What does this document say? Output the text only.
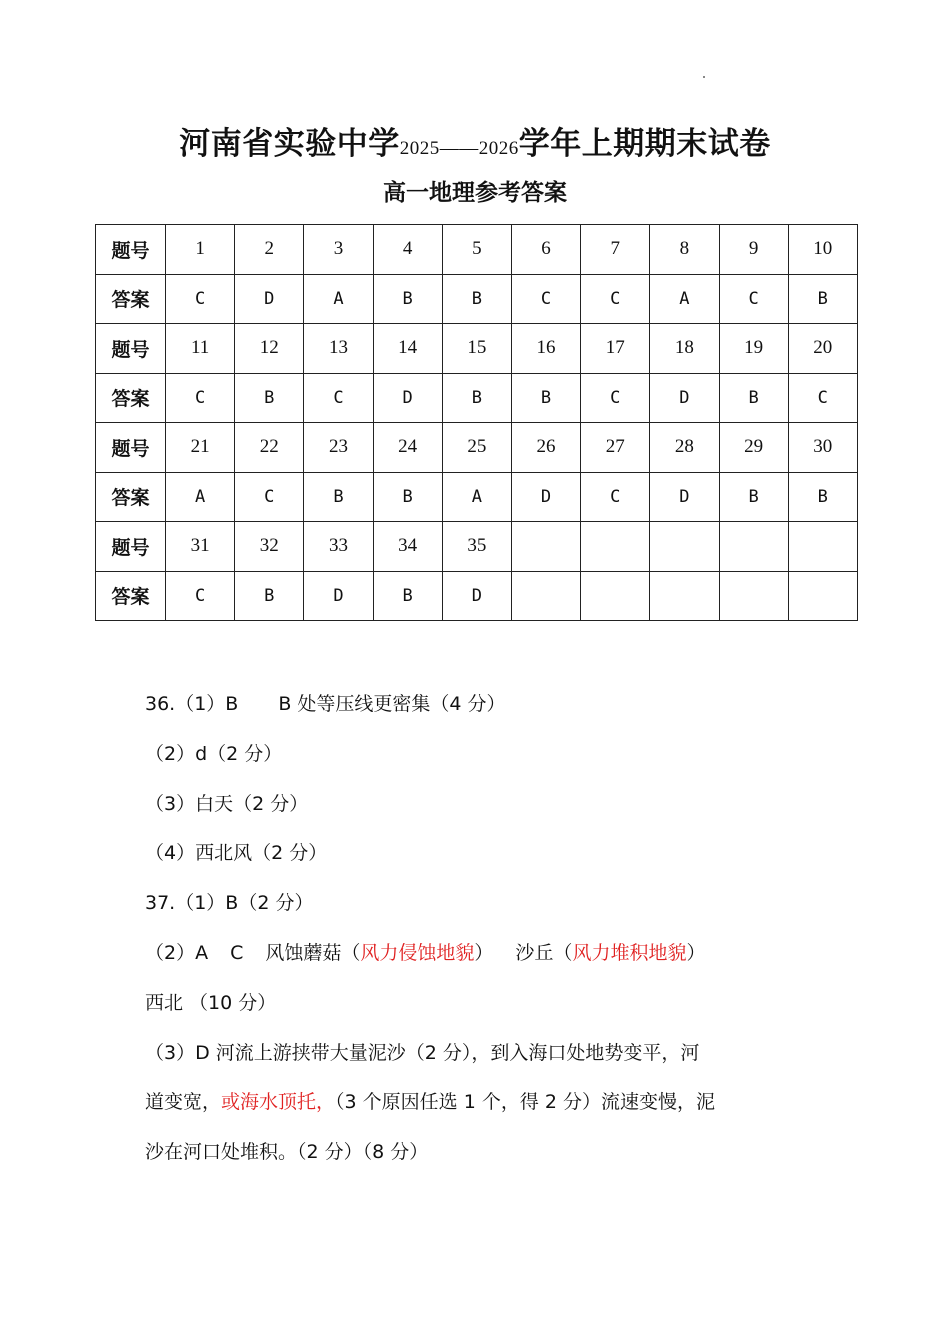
河南省实验中学2025——2026学年上期期末试卷
高一地理参考答案
题号	1	2	3	4	5	6	7	8	9	10
答案	C	D	A	B	B	C	C	A	C	B
题号	11	12	13	14	15	16	17	18	19	20
答案	C	B	C	D	B	B	C	D	B	C
题号	21	22	23	24	25	26	27	28	29	30
答案	A	C	B	B	A	D	C	D	B	B
题号	31	32	33	34	35					
答案	C	B	D	B	D					
36.（1）B B 处等压线更密集（4 分）
（2）d（2 分）
（3）白天（2 分）
（4）西北风（2 分）
37.（1）B（2 分）
（2）A C 风蚀蘑菇（风力侵蚀地貌） 沙丘（风力堆积地貌）
西北 （10 分）
（3）D 河流上游挟带大量泥沙（2 分），到入海口处地势变平，河
道变宽，或海水顶托，（3 个原因任选 1 个，得 2 分）流速变慢，泥
沙在河口处堆积。（2 分）（8 分）
